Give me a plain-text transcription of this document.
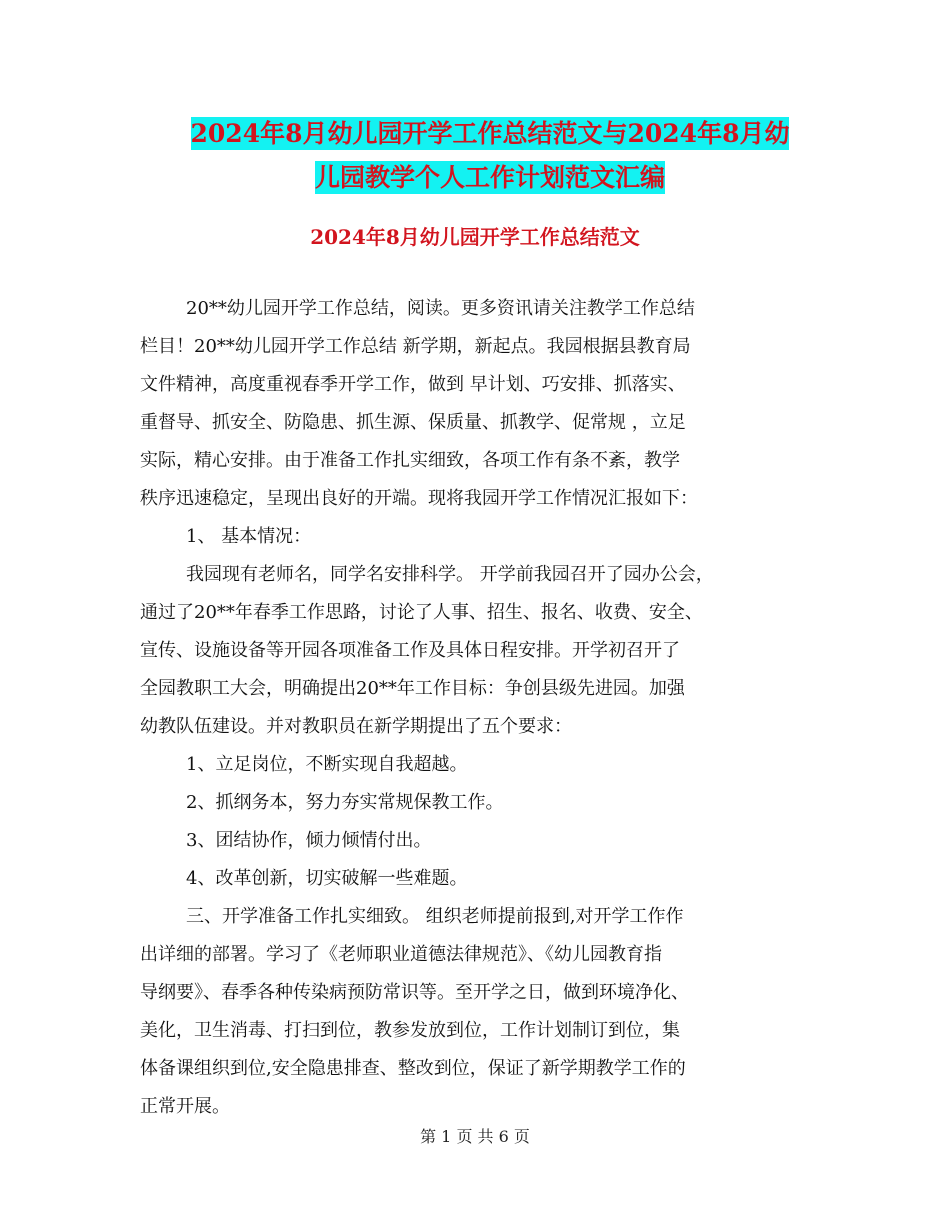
2024年8月幼儿园开学工作总结范文与2024年8月幼
儿园教学个人工作计划范文汇编
2024年8月幼儿园开学工作总结范文
20**幼儿园开学工作总结，阅读。更多资讯请关注教学工作总结
栏目！20**幼儿园开学工作总结 新学期，新起点。我园根据县教育局
文件精神，高度重视春季开学工作，做到 早计划、巧安排、抓落实、
重督导、抓安全、防隐患、抓生源、保质量、抓教学、促常规 ，立足
实际，精心安排。由于准备工作扎实细致，各项工作有条不紊，教学
秩序迅速稳定，呈现出良好的开端。现将我园开学工作情况汇报如下：
1、 基本情况：
我园现有老师名，同学名安排科学。 开学前我园召开了园办公会，
通过了20**年春季工作思路，讨论了人事、招生、报名、收费、安全、
宣传、设施设备等开园各项准备工作及具体日程安排。开学初召开了
全园教职工大会，明确提出20**年工作目标：争创县级先进园。加强
幼教队伍建设。并对教职员在新学期提出了五个要求：
1、立足岗位，不断实现自我超越。
2、抓纲务本，努力夯实常规保教工作。
3、团结协作，倾力倾情付出。
4、改革创新，切实破解一些难题。
三、开学准备工作扎实细致。 组织老师提前报到,对开学工作作
出详细的部署。学习了《老师职业道德法律规范》、《幼儿园教育指
导纲要》、春季各种传染病预防常识等。至开学之日，做到环境净化、
美化，卫生消毒、打扫到位，教参发放到位，工作计划制订到位，集
体备课组织到位,安全隐患排查、整改到位，保证了新学期教学工作的
正常开展。
第 1 页 共 6 页
